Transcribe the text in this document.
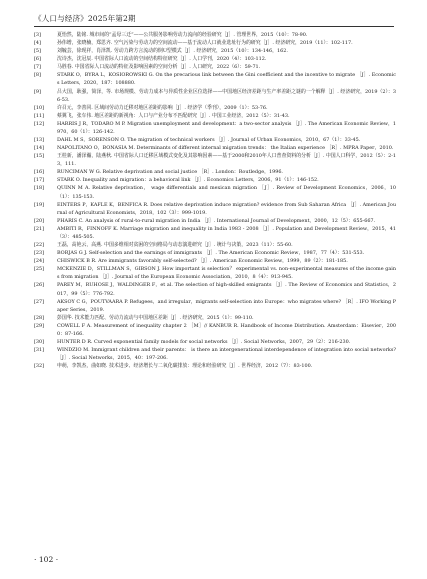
《人口与经济》2025年第2期
[3]	夏怡然，陆铭. 城市间的“孟母三迁”——公共服务影响劳动力流向的经验研究［J］. 管理世界，2015（10）：78-90.
[4]	孙伟增，张晓楠，郑思齐. 空气污染与劳动力的空间流动——基于流动人口就业选址行为的研究［J］. 经济研究，2019（11）：102-117.
[5]	刘毓芸，徐现祥，肖泽凯. 劳动力跨方言流动的倒U型模式［J］. 经济研究，2015（10）：134-146，162.
[6]	沈诗杰，沈冠辰. 中国省际人口流动的空间结构特征研究［J］. 人口学刊，2020（4）：103-112.
[7]	马胜春. 中国省际人口流动的特征及影响因素的空间分析［J］. 人口研究，2022（6）：59-71.
[8]	STARK O，BYRA L，KOSIOROWSKI G. On the precarious link between the Gini coefficient and the incentive to migrate ［J］. Economics Letters，2020，187：108880.
[9]	吕大国，耿强，简泽，等. 市场规模、劳动力成本与异质性企业区位选择——中国地区经济差距与生产率差距之谜的一个解释［J］. 经济研究，2019（2）：36-53.
[10]	许召元，李善同. 区域间劳动力迁移对地区差距的影响［J］. 经济学（季刊），2009（1）：53-76.
[11]	蔡翼飞，张车伟. 地区差距的新视角：人口与产业分布不匹配研究［J］. 中国工业经济，2012（5）：31-43.
[12]	HARRIS J R，TODARO M P. Migration unemployment and development：a two-sector analysis ［J］. The American Economic Review，1970，60（1）：126-142.
[13]	DAHL M S，SORENSON O. The migration of technical workers ［J］. Journal of Urban Economics，2010，67（1）：33-45.
[14]	NAPOLITANO O，BONASIA M. Determinants of different internal migration trends： the Italian experience ［R］. MPRA Paper，2010.
[15]	王桂新，潘泽瀚，陆燕秋. 中国省际人口迁移区域模式变化及其影响因素——基于2000和2010年人口普查资料的分析［J］. 中国人口科学，2012（5）：2-13，111.
[16]	RUNCIMAN W G. Relative deprivation and social justice ［R］. London：Routledge，1996.
[17]	STARK O. Inequality and migration：a behavioral link ［J］. Economics Letters，2006，91（1）：146-152.
[18]	QUINN M A. Relative deprivation， wage differentials and mexican migration ［J］. Review of Development Economics，2006，10（1）：135-153.
[19]	EINTERS P，KAFLE K，BENFICA R. Does relative deprivation induce migration? evidence from Sub Saharan Africa ［J］. American Journal of Agricultural Economists，2018，102（3）：999-1019.
[20]	PHARIS C. An analysis of rural-to-rural migration in India ［J］. International Journal of Development，2000，12（5）：655-667.
[21]	AMBITI R，FINNOFF K. Marriage migration and inequality in India 1983 - 2008 ［J］. Population and Development Review，2015，41（3）：485-505.
[22]	王磊，高艳云，高燕. 中国多维相对贫困的空间格局与动态演进研究［J］. 统计与决策，2023（11）：55-60.
[23]	BORJAS G J. Self-selection and the earnings of immigrants ［J］. The American Economic Review，1987，77（4）：531-553.
[24]	CHISWICK B R. Are immigrants favorably self-selected? ［J］. American Economic Review，1999，89（2）：181-185.
[25]	MCKENZIE D，STILLMAN S，GIBSON J. How important is selection？ experimental vs. non-experimental measures of the income gains from migration ［J］. Journal of the European Economic Association，2010，8（4）：913-945.
[26]	PAREY M，RUHOSE J，WALDINGER F，et al. The selection of high-skilled emigrants ［J］. The Review of Economics and Statistics，2017，99（5）：776-792.
[27]	AKSOY C G，POUTVAARA P. Refugees，and irregular，migrants self-selection into Europe：who migrates where? ［R］. IFO Working Paper Series，2019.
[28]	彭国华. 技术能力匹配、劳动力流动与中国地区差距［J］. 经济研究，2015（1）：99-110.
[29]	COWELL F A. Measurement of inequality chapter 2 ［M］// KANBUR R. Handbook of Income Distribution. Amsterdam：Elsevier，2000：87-166.
[30]	HUNTER D R. Curved exponential family models for social networks ［J］. Social Networks，2007，29（2）：216-230.
[31]	WINDZIO M. Immigrant children and their parents： is there an intergenerational interdependence of integration into social networks? ［J］. Social Networks，2015，40：197-206.
[32]	申萌，李凯杰，曲如晓. 技术进步、经济增长与二氧化碳排放：理论和经验研究［J］. 世界经济，2012（7）：83-100.
· 102 ·
